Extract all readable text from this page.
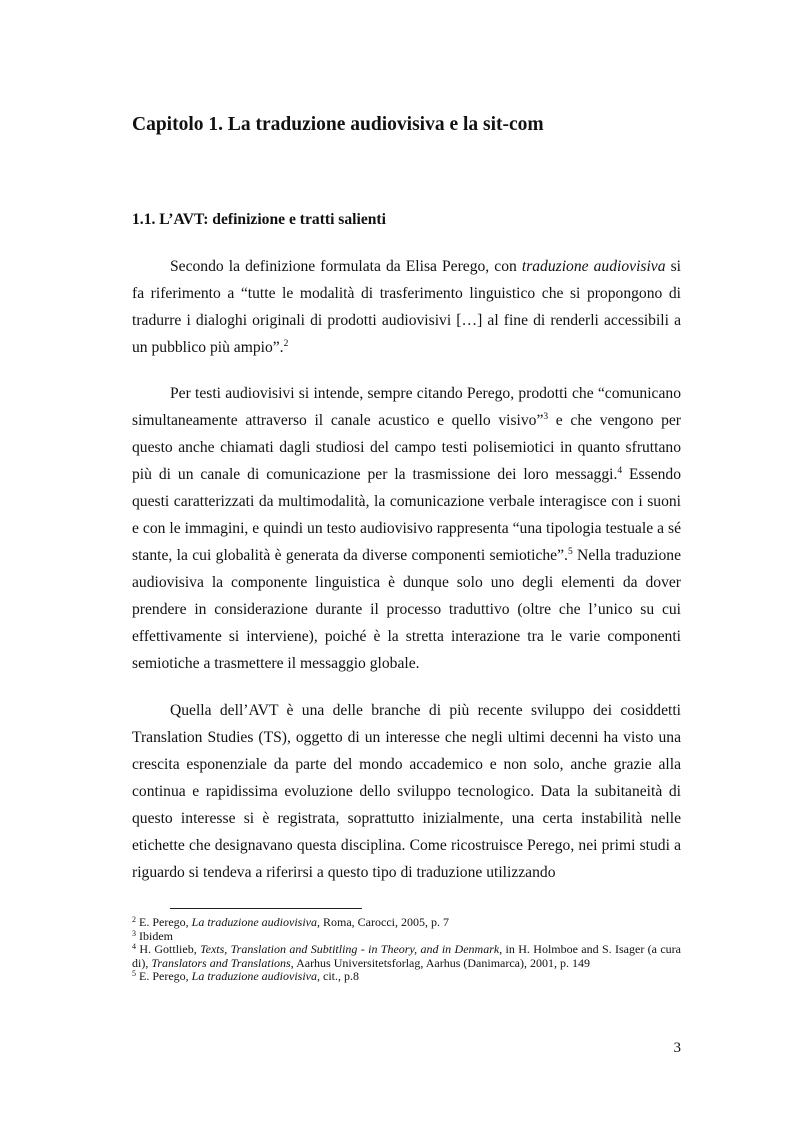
Capitolo 1. La traduzione audiovisiva e la sit-com
1.1. L’AVT: definizione e tratti salienti

Secondo la definizione formulata da Elisa Perego, con traduzione audiovisiva si fa riferimento a “tutte le modalità di trasferimento linguistico che si propongono di tradurre i dialoghi originali di prodotti audiovisivi […] al fine di renderli accessibili a un pubblico più ampio”.$^2$

Per testi audiovisivi si intende, sempre citando Perego, prodotti che “comunicano simultaneamente attraverso il canale acustico e quello visivo”$^3$ e che vengono per questo anche chiamati dagli studiosi del campo testi polisemiotici in quanto sfruttano più di un canale di comunicazione per la trasmissione dei loro messaggi.$^4$ Essendo questi caratterizzati da multimodalità, la comunicazione verbale interagisce con i suoni e con le immagini, e quindi un testo audiovisivo rappresenta “una tipologia testuale a sé stante, la cui globalità è generata da diverse componenti semiotiche”.$^5$ Nella traduzione audiovisiva la componente linguistica è dunque solo uno degli elementi da dover prendere in considerazione durante il processo traduttivo (oltre che l’unico su cui effettivamente si interviene), poiché è la stretta interazione tra le varie componenti semiotiche a trasmettere il messaggio globale.

Quella dell’AVT è una delle branche di più recente sviluppo dei cosiddetti Translation Studies (TS), oggetto di un interesse che negli ultimi decenni ha visto una crescita esponenziale da parte del mondo accademico e non solo, anche grazie alla continua e rapidissima evoluzione dello sviluppo tecnologico. Data la subitaneità di questo interesse si è registrata, soprattutto inizialmente, una certa instabilità nelle etichette che designavano questa disciplina. Come ricostruisce Perego, nei primi studi a riguardo si tendeva a riferirsi a questo tipo di traduzione utilizzando

$^2$ E. Perego, La traduzione audiovisiva, Roma, Carocci, 2005, p. 7

$^3$ Ibidem

$^4$ H. Gottlieb, Texts, Translation and Subtitling - in Theory, and in Denmark, in H. Holmboe and S. Isager (a cura di), Translators and Translations, Aarhus Universitetsforlag, Aarhus (Danimarca), 2001, p. 149

$^5$ E. Perego, La traduzione audiovisiva, cit., p.8

3
